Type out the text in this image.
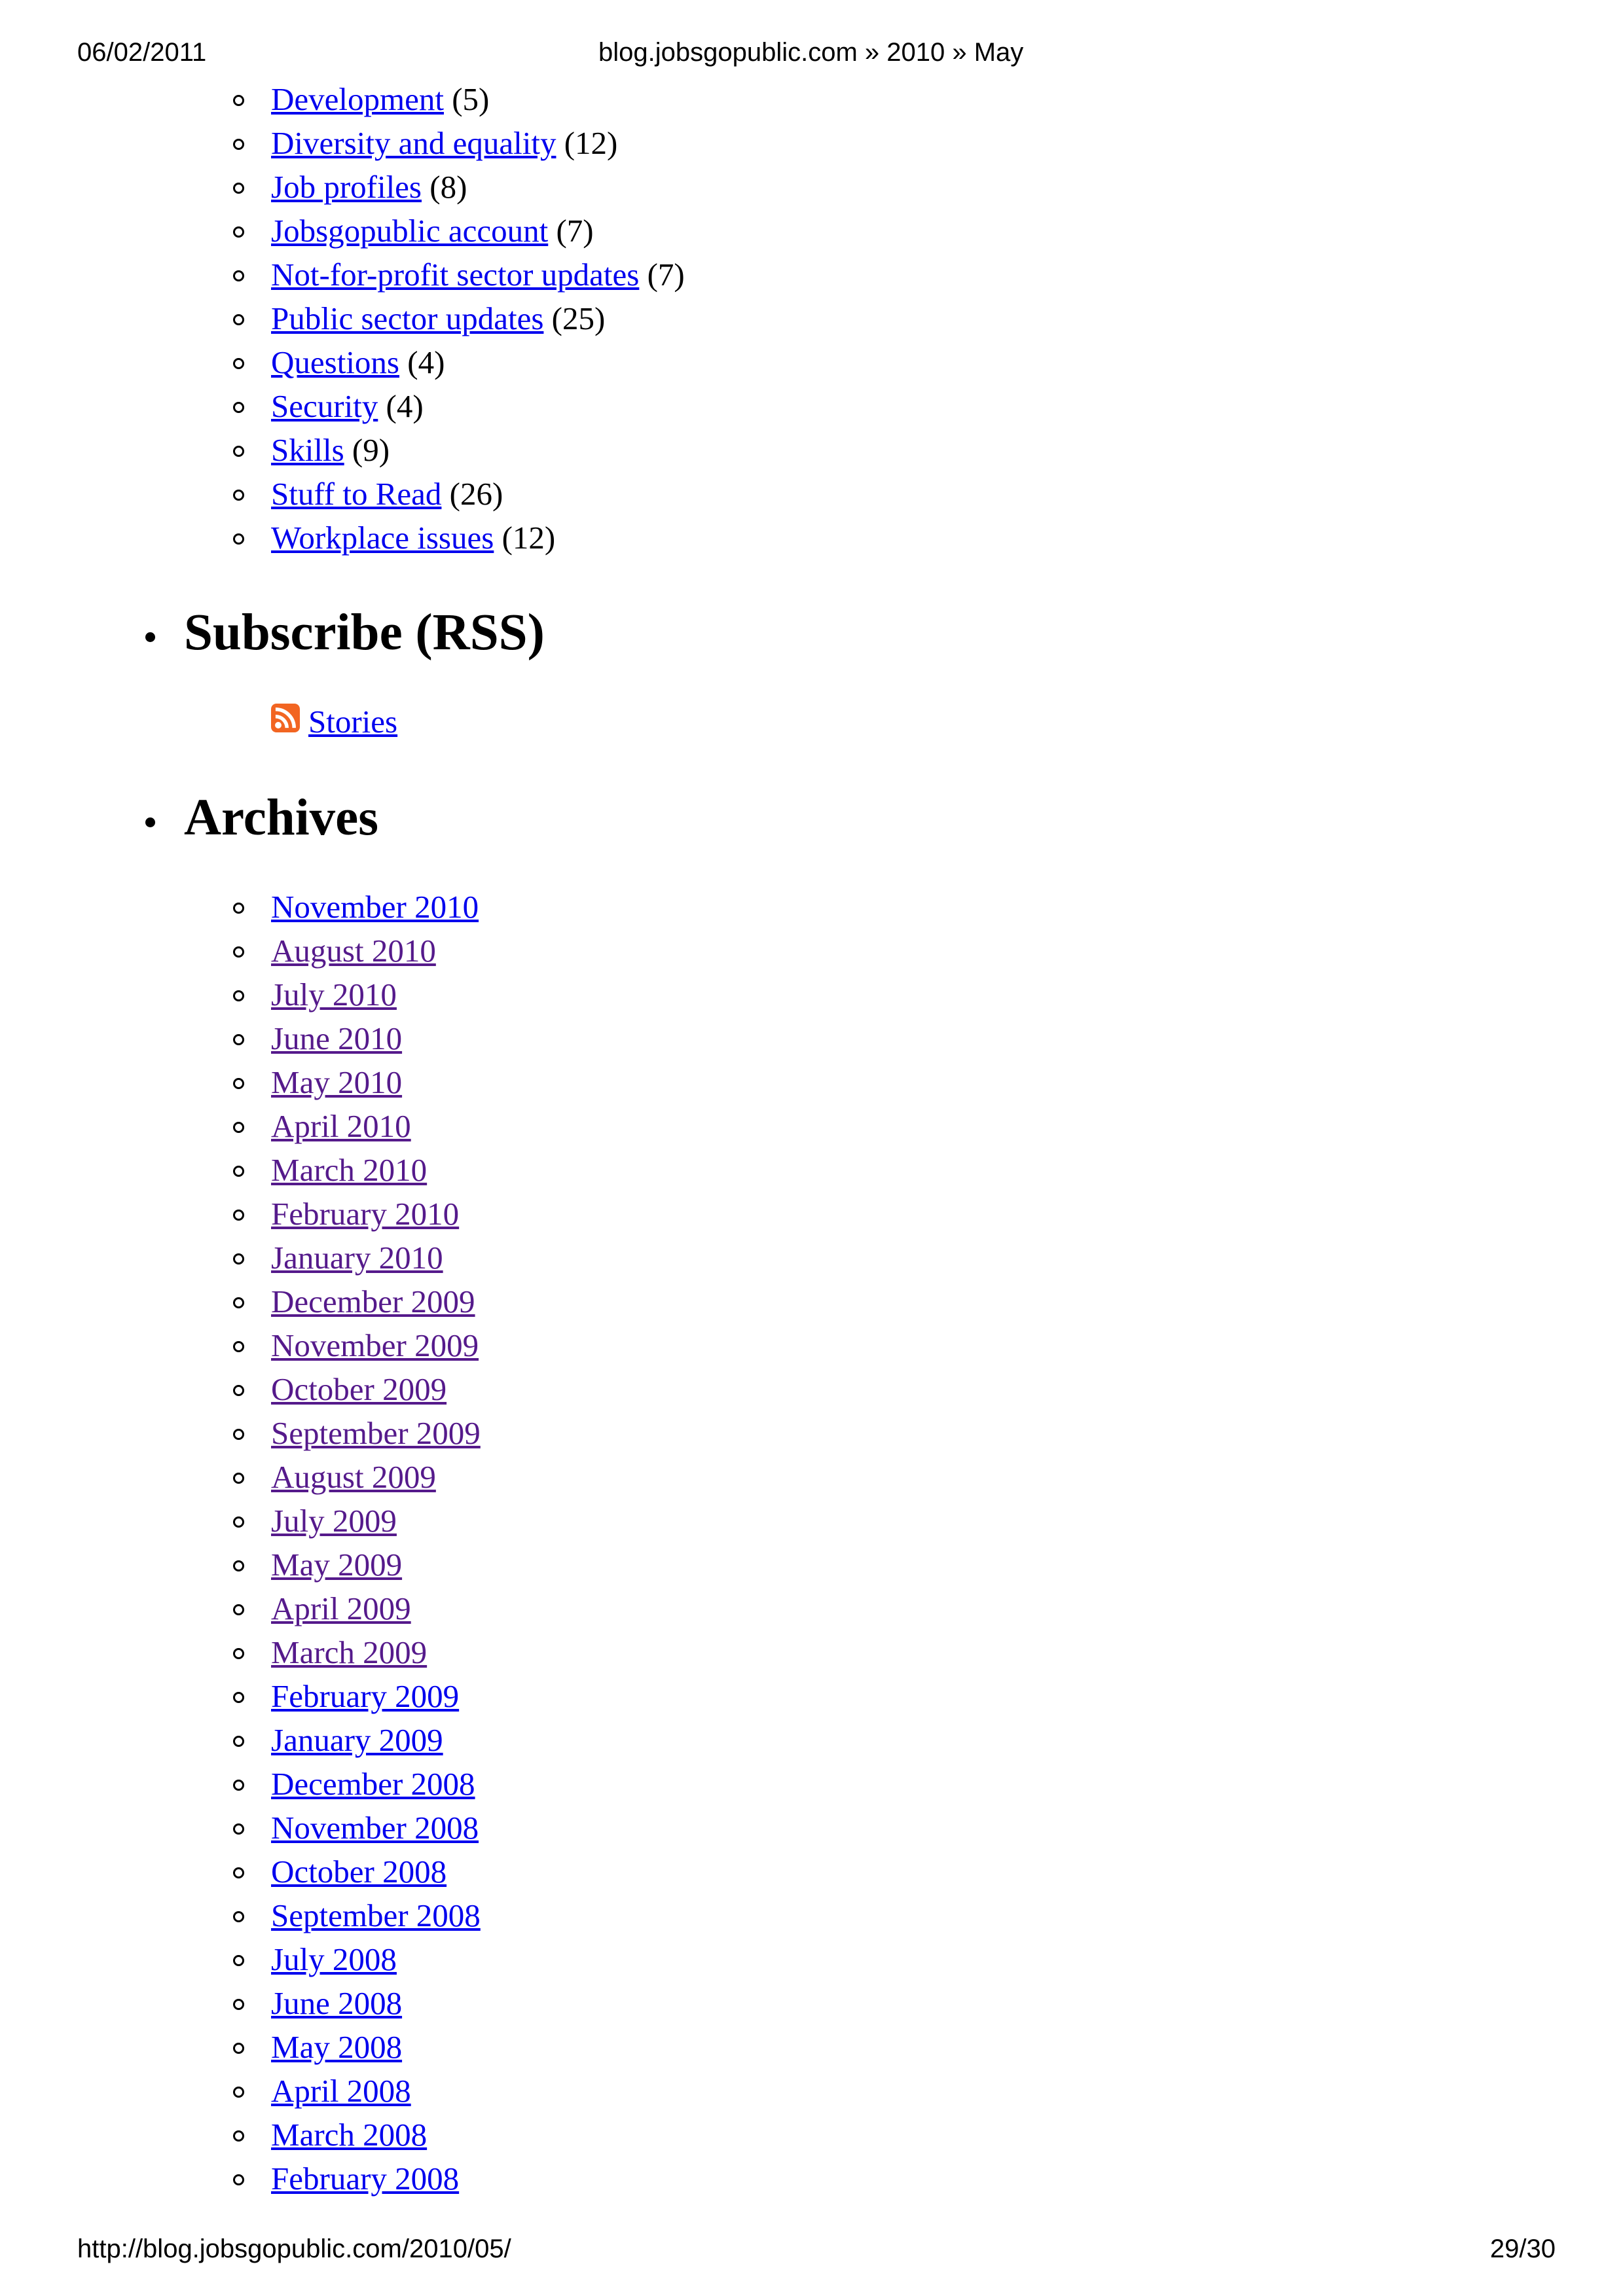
06/02/2011	blog.jobsgopublic.com » 2010 » May
Development (5)
Diversity and equality (12)
Job profiles (8)
Jobsgopublic account (7)
Not-for-profit sector updates (7)
Public sector updates (25)
Questions (4)
Security (4)
Skills (9)
Stuff to Read (26)
Workplace issues (12)
Subscribe (RSS)
Stories
Archives
November 2010
August 2010
July 2010
June 2010
May 2010
April 2010
March 2010
February 2010
January 2010
December 2009
November 2009
October 2009
September 2009
August 2009
July 2009
May 2009
April 2009
March 2009
February 2009
January 2009
December 2008
November 2008
October 2008
September 2008
July 2008
June 2008
May 2008
April 2008
March 2008
February 2008
http://blog.jobsgopublic.com/2010/05/	29/30
